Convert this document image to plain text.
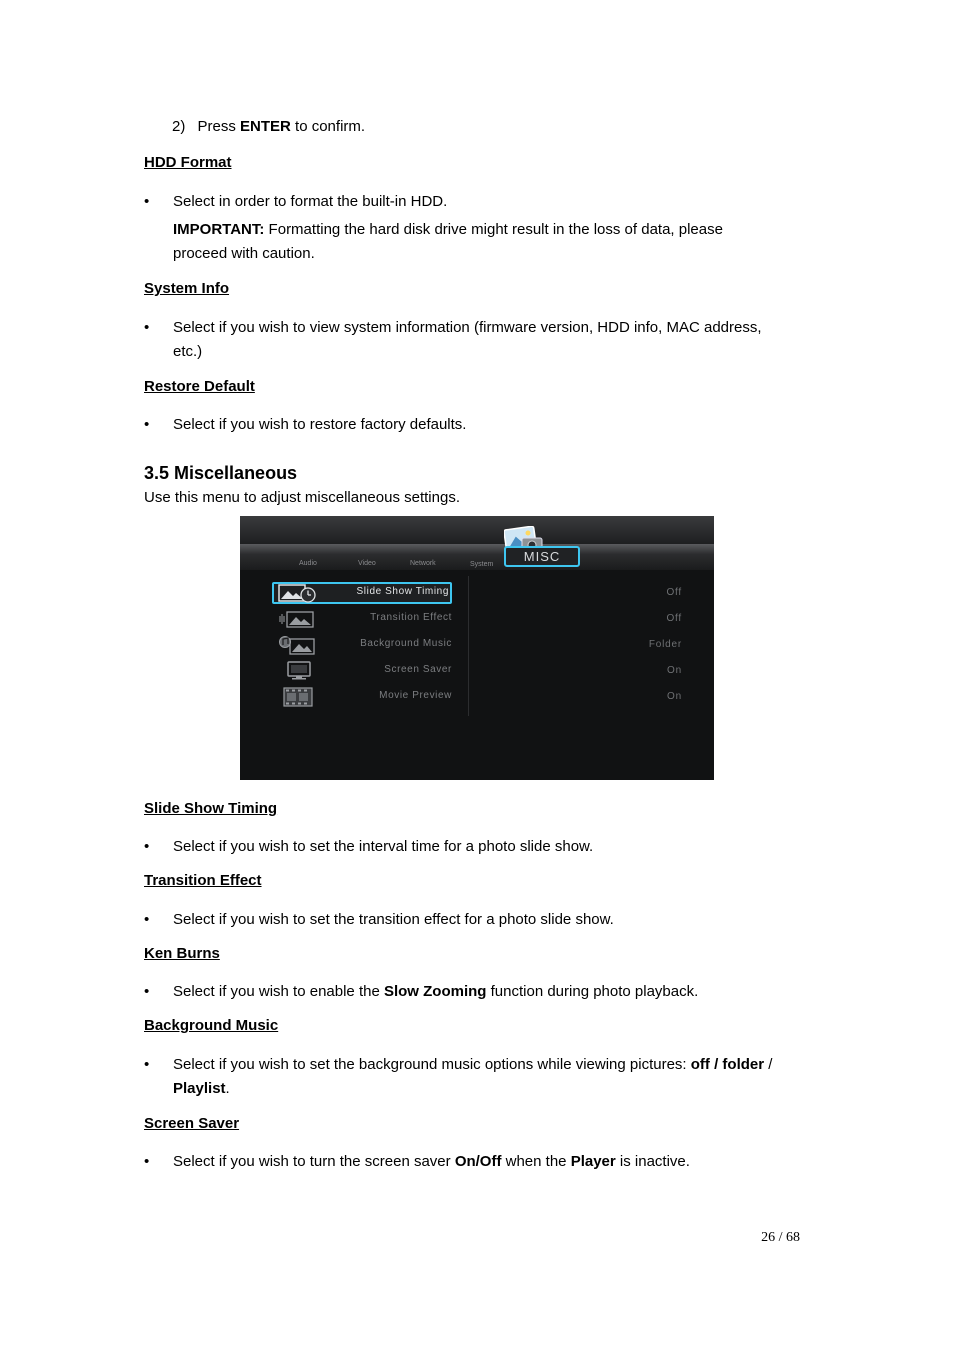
2) Press ENTER to confirm.
HDD Format
• Select in order to format the built-in HDD.
IMPORTANT: Formatting the hard disk drive might result in the loss of data, please
proceed with caution.
System Info
• Select if you wish to view system information (firmware version, HDD info, MAC address,
etc.)
Restore Default
• Select if you wish to restore factory defaults.
3.5 Miscellaneous
Use this menu to adjust miscellaneous settings.
Audio	Video	Network	System
MISC
Slide Show Timing	Off
Transition Effect	Off
Background Music	Folder
Screen Saver	On
Movie Preview	On
Slide Show Timing
• Select if you wish to set the interval time for a photo slide show.
Transition Effect
• Select if you wish to set the transition effect for a photo slide show.
Ken Burns
• Select if you wish to enable the Slow Zooming function during photo playback.
Background Music
• Select if you wish to set the background music options while viewing pictures: off / folder /
Playlist.
Screen Saver
• Select if you wish to turn the screen saver On/Off when the Player is inactive.
26 / 68
